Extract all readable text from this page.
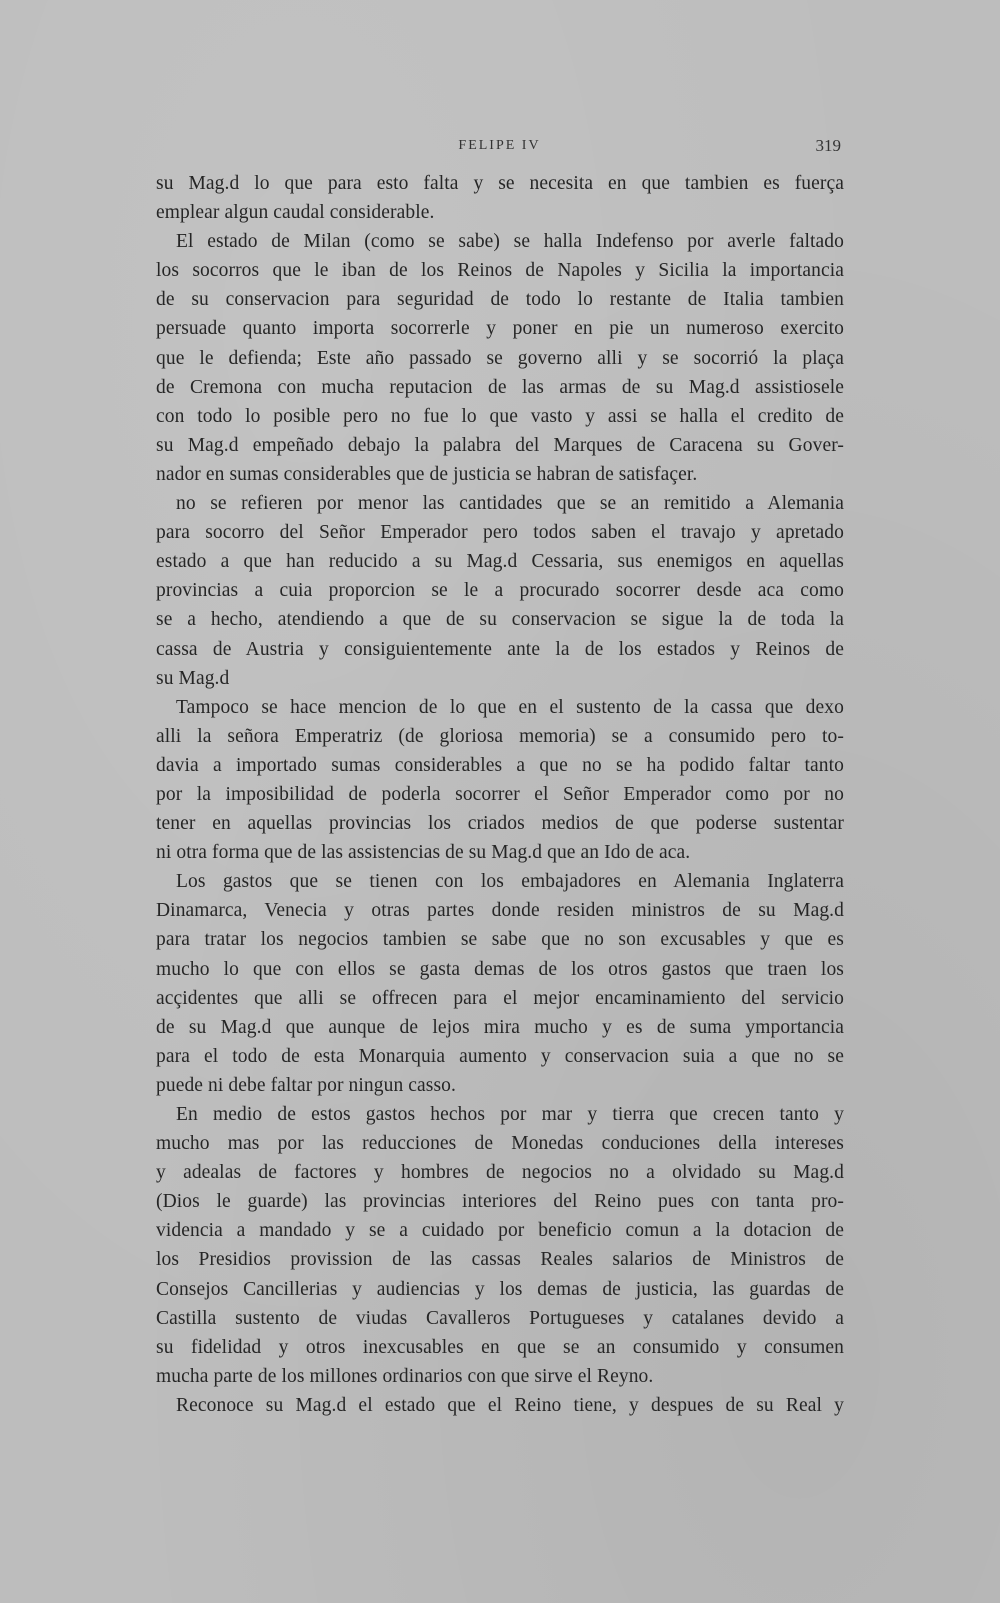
FELIPE IV	319
su Mag.d lo que para esto falta y se necesita en que tambien es fuerça
emplear algun caudal considerable.
El estado de Milan (como se sabe) se halla Indefenso por averle faltado
los socorros que le iban de los Reinos de Napoles y Sicilia la importancia
de su conservacion para seguridad de todo lo restante de Italia tambien
persuade quanto importa socorrerle y poner en pie un numeroso exercito
que le defienda; Este año passado se governo alli y se socorrió la plaça
de Cremona con mucha reputacion de las armas de su Mag.d assistiosele
con todo lo posible pero no fue lo que vasto y assi se halla el credito de
su Mag.d empeñado debajo la palabra del Marques de Caracena su Gover-
nador en sumas considerables que de justicia se habran de satisfaçer.
no se refieren por menor las cantidades que se an remitido a Alemania
para socorro del Señor Emperador pero todos saben el travajo y apretado
estado a que han reducido a su Mag.d Cessaria, sus enemigos en aquellas
provincias a cuia proporcion se le a procurado socorrer desde aca como
se a hecho, atendiendo a que de su conservacion se sigue la de toda la
cassa de Austria y consiguientemente ante la de los estados y Reinos de
su Mag.d
Tampoco se hace mencion de lo que en el sustento de la cassa que dexo
alli la señora Emperatriz (de gloriosa memoria) se a consumido pero to-
davia a importado sumas considerables a que no se ha podido faltar tanto
por la imposibilidad de poderla socorrer el Señor Emperador como por no
tener en aquellas provincias los criados medios de que poderse sustentar
ni otra forma que de las assistencias de su Mag.d que an Ido de aca.
Los gastos que se tienen con los embajadores en Alemania Inglaterra
Dinamarca, Venecia y otras partes donde residen ministros de su Mag.d
para tratar los negocios tambien se sabe que no son excusables y que es
mucho lo que con ellos se gasta demas de los otros gastos que traen los
acçidentes que alli se offrecen para el mejor encaminamiento del servicio
de su Mag.d que aunque de lejos mira mucho y es de suma ymportancia
para el todo de esta Monarquia aumento y conservacion suia a que no se
puede ni debe faltar por ningun casso.
En medio de estos gastos hechos por mar y tierra que crecen tanto y
mucho mas por las reducciones de Monedas conduciones della intereses
y adealas de factores y hombres de negocios no a olvidado su Mag.d
(Dios le guarde) las provincias interiores del Reino pues con tanta pro-
videncia a mandado y se a cuidado por beneficio comun a la dotacion de
los Presidios provission de las cassas Reales salarios de Ministros de
Consejos Cancillerias y audiencias y los demas de justicia, las guardas de
Castilla sustento de viudas Cavalleros Portugueses y catalanes devido a
su fidelidad y otros inexcusables en que se an consumido y consumen
mucha parte de los millones ordinarios con que sirve el Reyno.
Reconoce su Mag.d el estado que el Reino tiene, y despues de su Real y
